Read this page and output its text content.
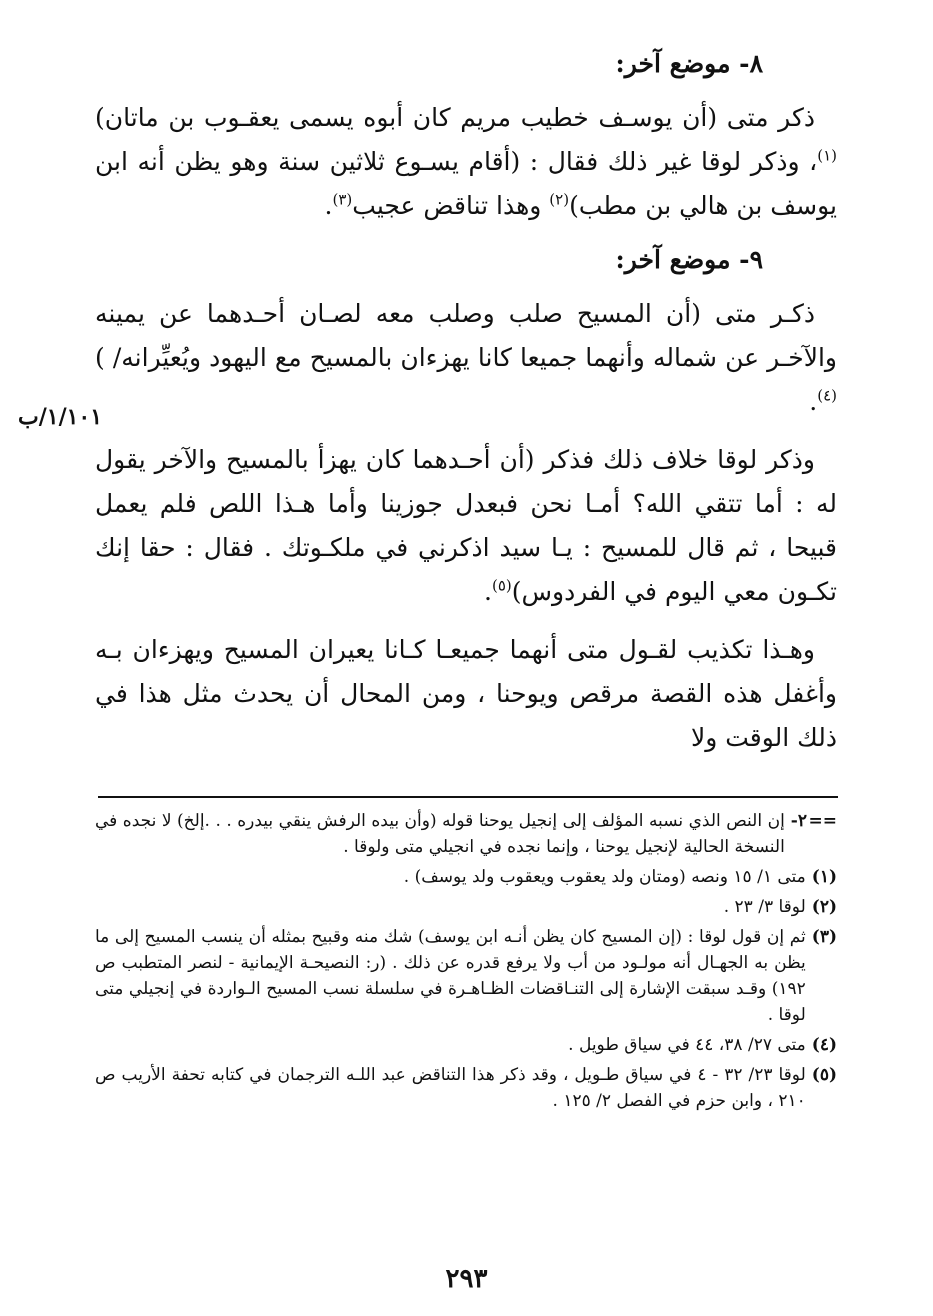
٨- موضع آخر:

ذكر متى (أن يوسـف خطيب مريم كان أبوه يسمى يعقـوب بن ماتان)$^{(١)}$، وذكر لوقا غير ذلك فقال : (أقام يسـوع ثلاثين سنة وهو يظن أنه ابن يوسف بن هالي بن مطب)$^{(٢)}$ وهذا تناقض عجيب$^{(٣)}$.

٩- موضع آخر:

ذكـر متى (أن المسيح صلب وصلب معه لصـان أحـدهما عن يمينه والآخـر عن شماله وأنهما جميعا كانا يهزءان بالمسيح مع اليهود ويُعيِّرانه/ )$^{(٤)}$.

وذكر لوقا خلاف ذلك فذكر (أن أحـدهما كان يهزأ بالمسيح والآخر يقول له : أما تتقي الله؟ أمـا نحن فبعدل جوزينا وأما هـذا اللص فلم يعمل قبيحا ، ثم قال للمسيح : يـا سيد اذكرني في ملكـوتك . فقال : حقا إنك تكـون معي اليوم في الفردوس)$^{(٥)}$.

وهـذا تكذيب لقـول متى أنهما جميعـا كـانا يعيران المسيح ويهزءان بـه وأغفل هذه القصة مرقص ويوحنا ، ومن المحال أن يحدث مثل هذا في ذلك الوقت ولا

١/١٠١/ب
==
٢-
إن النص الذي نسبه المؤلف إلى إنجيل يوحنا قوله (وأن بيده الرفش ينقي بيدره . . .إلخ) لا نجده في النسخة الحالية لإنجيل يوحنا ، وإنما نجده في انجيلي متى ولوقا .
(١)
متى ١/ ١٥ ونصه (ومتان ولد يعقوب ويعقوب ولد يوسف) .
(٢)
لوقا ٣/ ٢٣ .
(٣)
ثم إن قول لوقا : (إن المسيح كان يظن أنـه ابن يوسف) شك منه وقبيح بمثله أن ينسب المسيح إلى ما يظن به الجهـال أنه مولـود من أب ولا يرفع قدره عن ذلك . (ر: النصيحـة الإيمانية - لنصر المتطبب ص ١٩٢) وقـد سبقت الإشارة إلى التنـاقضات الظـاهـرة في سلسلة نسب المسيح الـواردة في إنجيلي متى لوقا .
(٤)
متى ٢٧/ ٣٨، ٤٤ في سياق طويل .
(٥)
لوقا ٢٣/ ٣٢ - ٤ في سياق طـويل ، وقد ذكر هذا التناقض عبد اللـه الترجمان في كتابه تحفة الأريب ص ٢١٠ ، وابن حزم في الفصل ٢/ ١٢٥ .
٢٩٣
